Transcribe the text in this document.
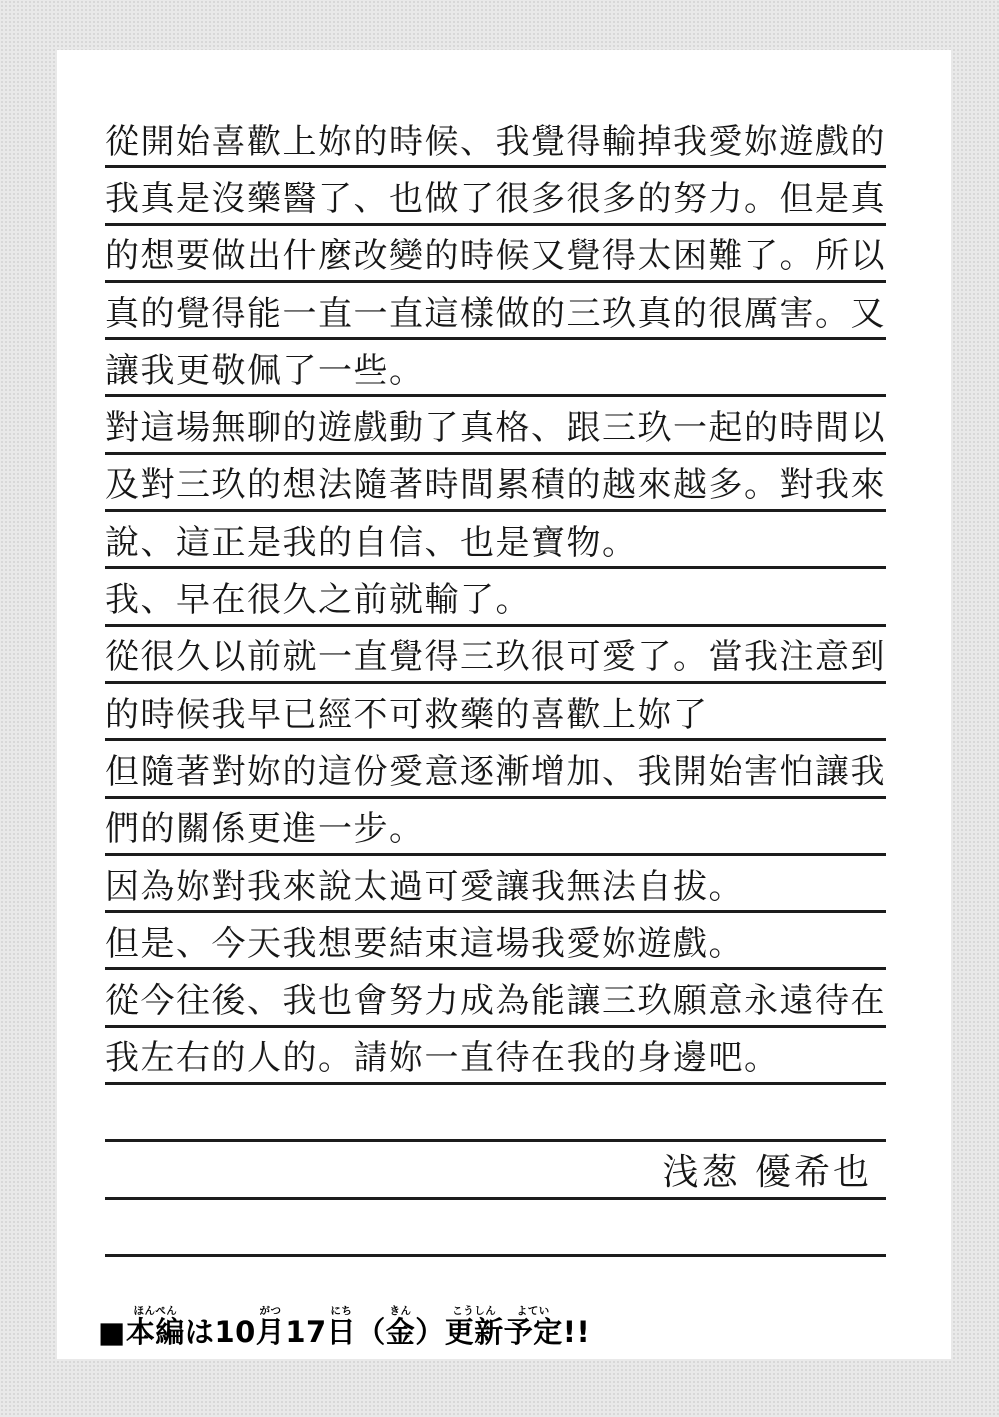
從開始喜歡上妳的時候、我覺得輸掉我愛妳遊戲的
我真是沒藥醫了、也做了很多很多的努力。但是真
的想要做出什麼改變的時候又覺得太困難了。所以
真的覺得能一直一直這樣做的三玖真的很厲害。又
讓我更敬佩了一些。
對這場無聊的遊戲動了真格、跟三玖一起的時間以
及對三玖的想法隨著時間累積的越來越多。對我來
說、這正是我的自信、也是寶物。
我、早在很久之前就輸了。
從很久以前就一直覺得三玖很可愛了。當我注意到
的時候我早已經不可救藥的喜歡上妳了
但隨著對妳的這份愛意逐漸增加、我開始害怕讓我
們的關係更進一步。
因為妳對我來說太過可愛讓我無法自拔。
但是、今天我想要結束這場我愛妳遊戲。
從今往後、我也會努力成為能讓三玖願意永遠待在
我左右的人的。請妳一直待在我的身邊吧。
浅葱 優希也
■本編ほんぺんは10月がつ17日にち（金きん）更新こうしん予定よてい!!
